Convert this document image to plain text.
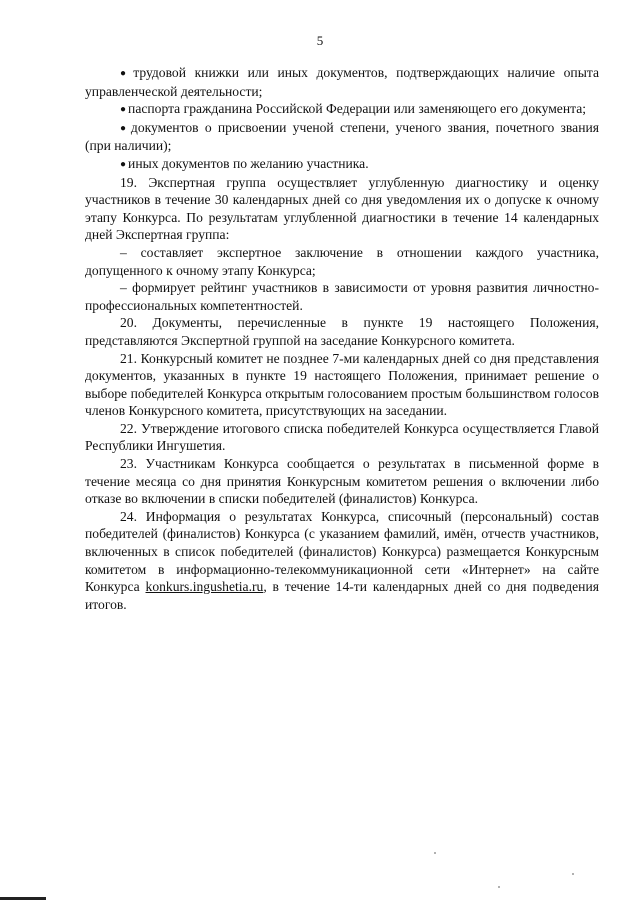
5

● трудовой книжки или иных документов, подтверждающих наличие опыта управленческой деятельности;

● паспорта гражданина Российской Федерации или заменяющего его документа;

● документов о присвоении ученой степени, ученого звания, почетного звания (при наличии);

● иных документов по желанию участника.

19. Экспертная группа осуществляет углубленную диагностику и оценку участников в течение 30 календарных дней со дня уведомления их о допуске к очному этапу Конкурса. По результатам углубленной диагностики в течение 14 календарных дней Экспертная группа:

– составляет экспертное заключение в отношении каждого участника, допущенного к очному этапу Конкурса;

– формирует рейтинг участников в зависимости от уровня развития личностно-профессиональных компетентностей.

20. Документы, перечисленные в пункте 19 настоящего Положения, представляются Экспертной группой на заседание Конкурсного комитета.

21. Конкурсный комитет не позднее 7-ми календарных дней со дня представления документов, указанных в пункте 19 настоящего Положения, принимает решение о выборе победителей Конкурса открытым голосованием простым большинством голосов членов Конкурсного комитета, присутствующих на заседании.

22. Утверждение итогового списка победителей Конкурса осуществляется Главой Республики Ингушетия.

23. Участникам Конкурса сообщается о результатах в письменной форме в течение месяца со дня принятия Конкурсным комитетом решения о включении либо отказе во включении в списки победителей (финалистов) Конкурса.

24. Информация о результатах Конкурса, списочный (персональный) состав победителей (финалистов) Конкурса (с указанием фамилий, имён, отчеств участников, включенных в список победителей (финалистов) Конкурса) размещается Конкурсным комитетом в информационно-телекоммуникационной сети «Интернет» на сайте Конкурса konkurs.ingushetia.ru, в течение 14-ти календарных дней со дня подведения итогов.
